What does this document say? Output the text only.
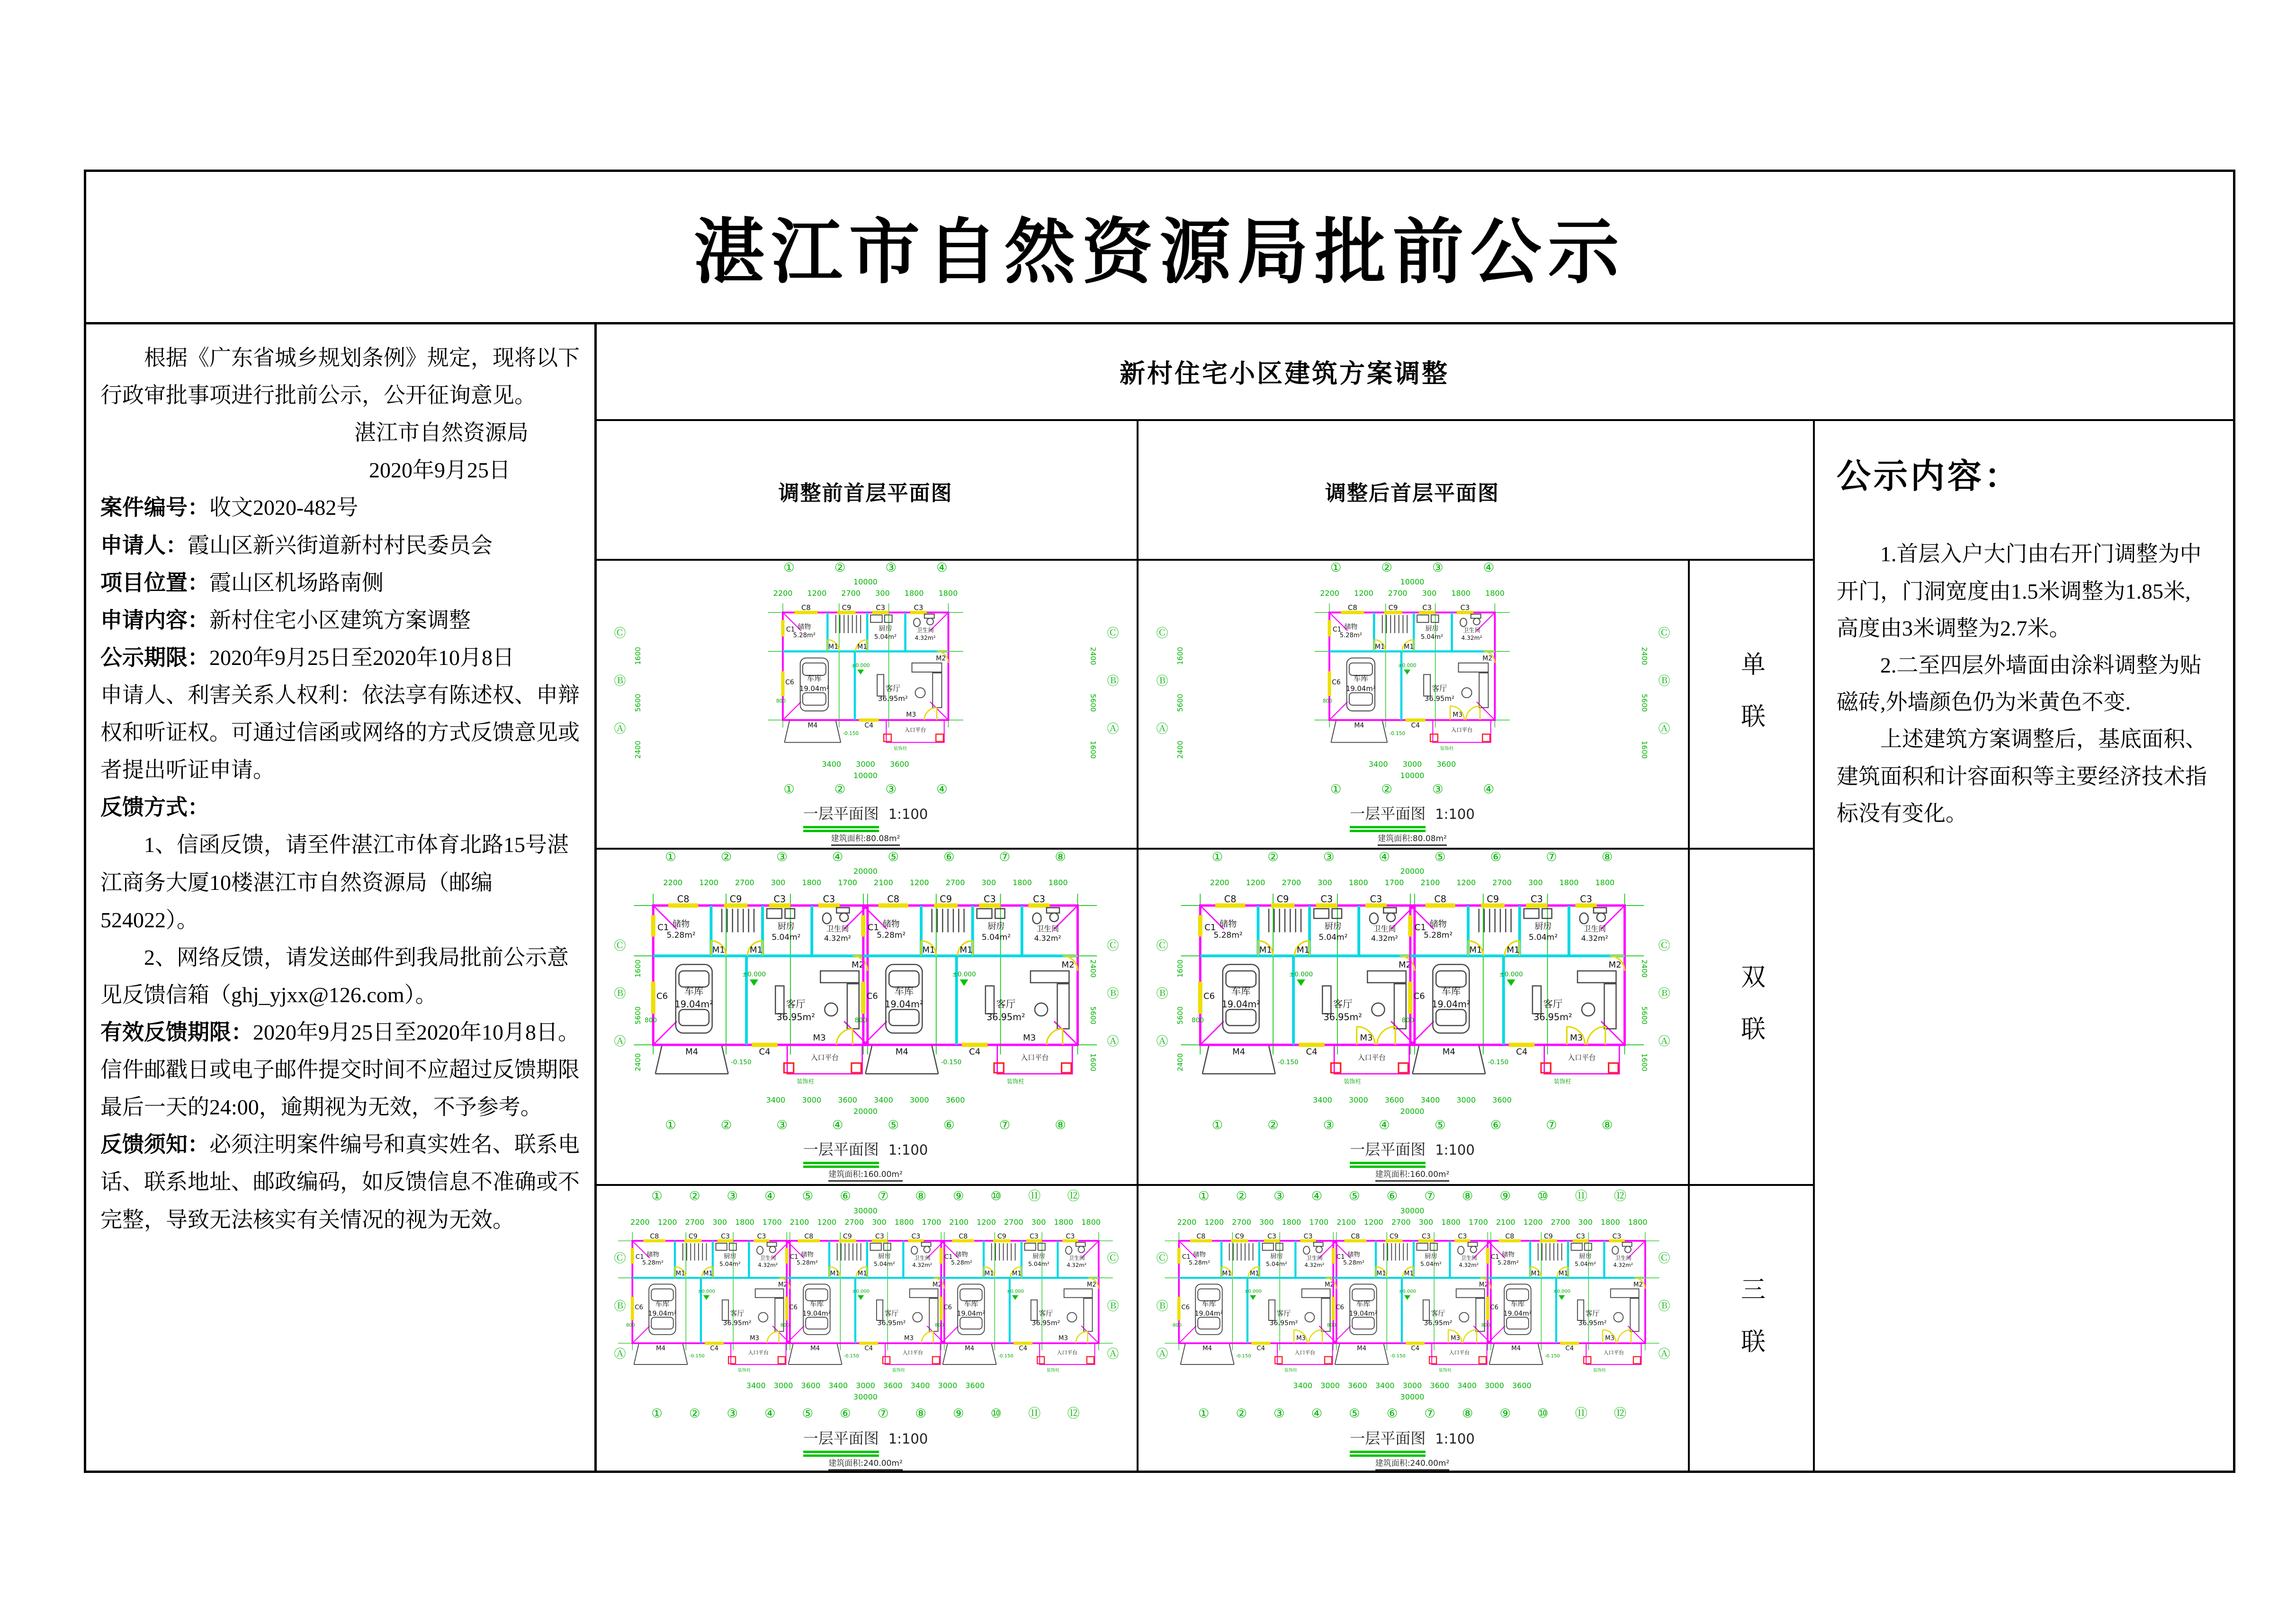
湛江市自然资源局批前公示

根据《广东省城乡规划条例》规定，现将以下行政审批事项进行批前公示，公开征询意见。

湛江市自然资源局

2020年9月25日

案件编号：收文2020-482号

申请人：霞山区新兴街道新村村民委员会

项目位置：霞山区机场路南侧

申请内容：新村住宅小区建筑方案调整

公示期限：2020年9月25日至2020年10月8日

申请人、利害关系人权利：依法享有陈述权、申辩权和听证权。可通过信函或网络的方式反馈意见或者提出听证申请。

反馈方式：

1、信函反馈，请至件湛江市体育北路15号湛江商务大厦10楼湛江市自然资源局（邮编524022）。

2、网络反馈，请发送邮件到我局批前公示意见反馈信箱（ghj_yjxx@126.com）。

有效反馈期限：2020年9月25日至2020年10月8日。信件邮戳日或电子邮件提交时间不应超过反馈期限最后一天的24:00，逾期视为无效，不予参考。

反馈须知：必须注明案件编号和真实姓名、联系电话、联系地址、邮政编码，如反馈信息不准确或不完整，导致无法核实有关情况的视为无效。

新村住宅小区建筑方案调整
调整前首层平面图	调整后首层平面图
单联
双联
三联
公示内容：

1.首层入户大门由右开门调整为中开门，门洞宽度由1.5米调整为1.85米,高度由3米调整为2.7米。

2.二至四层外墙面由涂料调整为贴磁砖,外墙颜色仍为米黄色不变.

上述建筑方案调整后，基底面积、建筑面积和计容面积等主要经济技术指标没有变化。

Ⓒ Ⓑ Ⓐ	Ⓒ Ⓑ Ⓐ
2400 5600 1600	2400 5600 1600
① ② ③ ④
10000
2200 1200 2700 300 1800 1800
3400 3000 3600
10000
① ② ③ ④
一层平面图 1:100
建筑面积:80.08m²
Ⓒ Ⓑ Ⓐ	Ⓒ Ⓑ Ⓐ
2400 5600 1600	2400 5600 1600
① ② ③ ④
10000
2200 1200 2700 300 1800 1800
3400 3000 3600
10000
① ② ③ ④
一层平面图 1:100
建筑面积:80.08m²
Ⓒ Ⓑ Ⓐ	Ⓒ Ⓑ Ⓐ
2400 5600 1600	2400 5600 1600
① ② ③ ④ ⑤ ⑥ ⑦ ⑧
20000
2200 1200 2700 300 1800 1700 2100 1200 2700 300 1800 1800
3400 3000 3600 3400 3000 3600
20000
① ② ③ ④ ⑤ ⑥ ⑦ ⑧
一层平面图 1:100
建筑面积:160.00m²
Ⓒ Ⓑ Ⓐ	Ⓒ Ⓑ Ⓐ
2400 5600 1600	2400 5600 1600
① ② ③ ④ ⑤ ⑥ ⑦ ⑧
20000
2200 1200 2700 300 1800 1700 2100 1200 2700 300 1800 1800
3400 3000 3600 3400 3000 3600
20000
① ② ③ ④ ⑤ ⑥ ⑦ ⑧
一层平面图 1:100
建筑面积:160.00m²
Ⓒ Ⓑ Ⓐ	Ⓒ Ⓑ Ⓐ
① ② ③ ④ ⑤ ⑥ ⑦ ⑧ ⑨ ⑩ ⑪ ⑫
30000
2200 1200 2700 300 1800 1700 2100 1200 2700 300 1800 1700 2100 1200 2700 300 1800 1800
3400 3000 3600 3400 3000 3600 3400 3000 3600
30000
① ② ③ ④ ⑤ ⑥ ⑦ ⑧ ⑨ ⑩ ⑪ ⑫
一层平面图 1:100
建筑面积:240.00m²
Ⓒ Ⓑ Ⓐ	Ⓒ Ⓑ Ⓐ
① ② ③ ④ ⑤ ⑥ ⑦ ⑧ ⑨ ⑩ ⑪ ⑫
30000
2200 1200 2700 300 1800 1700 2100 1200 2700 300 1800 1700 2100 1200 2700 300 1800 1800
3400 3000 3600 3400 3000 3600 3400 3000 3600
30000
① ② ③ ④ ⑤ ⑥ ⑦ ⑧ ⑨ ⑩ ⑪ ⑫
一层平面图 1:100
建筑面积:240.00m²
